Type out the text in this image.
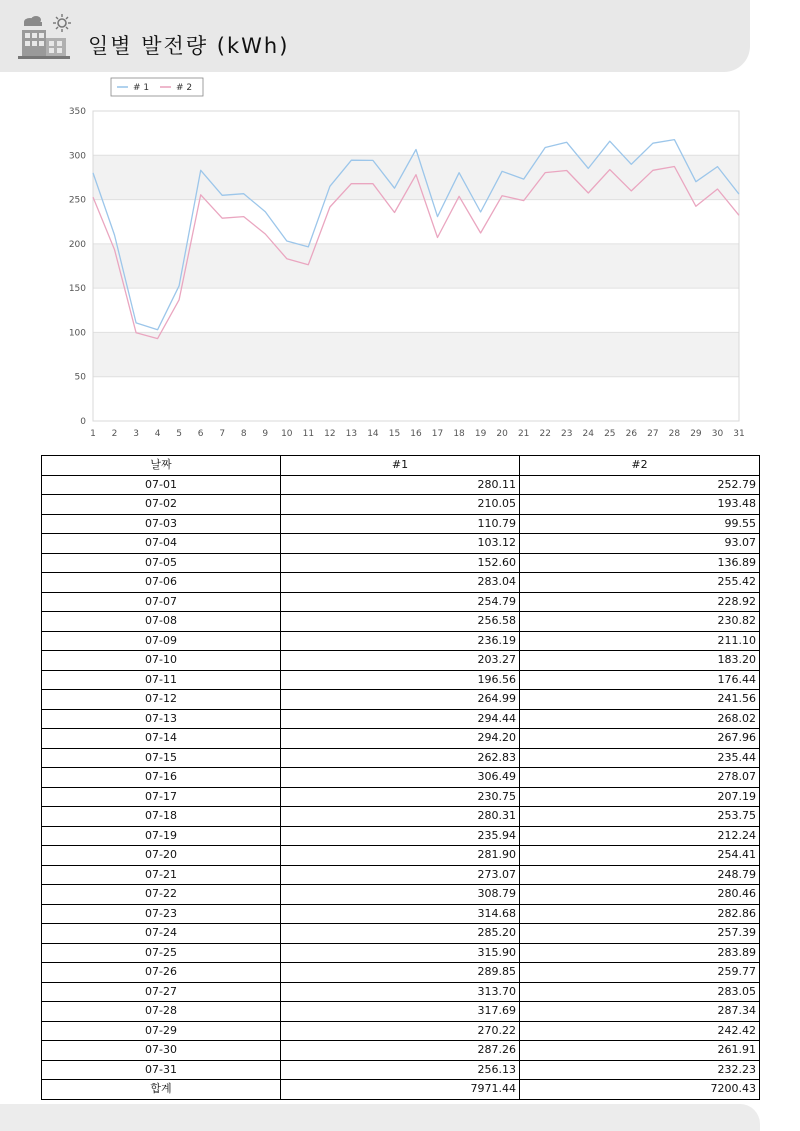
일별 발전량 (kWh)
0
50
100
150
200
250
300
350
1 2 3 4 5 6 7 8 9 10 11 12 13 14 15 16 17 18 19 20 21 22 23 24 25 26 27 28 29 30 31
# 1	# 2
날짜	#1	#2
07-01	280.11	252.79
07-02	210.05	193.48
07-03	110.79	99.55
07-04	103.12	93.07
07-05	152.60	136.89
07-06	283.04	255.42
07-07	254.79	228.92
07-08	256.58	230.82
07-09	236.19	211.10
07-10	203.27	183.20
07-11	196.56	176.44
07-12	264.99	241.56
07-13	294.44	268.02
07-14	294.20	267.96
07-15	262.83	235.44
07-16	306.49	278.07
07-17	230.75	207.19
07-18	280.31	253.75
07-19	235.94	212.24
07-20	281.90	254.41
07-21	273.07	248.79
07-22	308.79	280.46
07-23	314.68	282.86
07-24	285.20	257.39
07-25	315.90	283.89
07-26	289.85	259.77
07-27	313.70	283.05
07-28	317.69	287.34
07-29	270.22	242.42
07-30	287.26	261.91
07-31	256.13	232.23
합계	7971.44	7200.43
